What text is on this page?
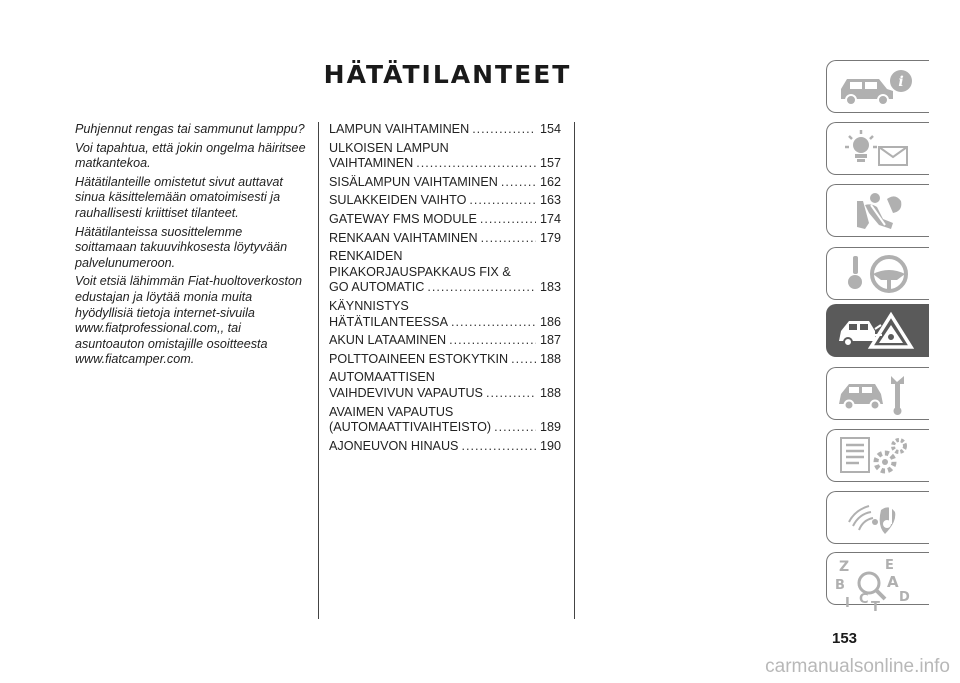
HÄTÄTILANTEET

Puhjennut rengas tai sammunut lamppu?

Voi tapahtua, että jokin ongelma häiritsee matkantekoa.

Hätätilanteille omistetut sivut auttavat sinua käsittelemään omatoimisesti ja rauhallisesti kriittiset tilanteet.

Hätätilanteissa suosittelemme soittamaan takuuvihkosesta löytyvään palvelunumeroon.

Voit etsiä lähimmän Fiat-huoltoverkoston edustajan ja löytää monia muita hyödyllisiä tietoja internet-sivuila www.fiatprofessional.com,, tai asuntoauton omistajille osoitteesta www.fiatcamper.com.

LAMPUN VAIHTAMINEN .....	154
ULKOISEN LAMPUN
VAIHTAMINEN .....	157
SISÄLAMPUN VAIHTAMINEN .....	162
SULAKKEIDEN VAIHTO .....	163
GATEWAY FMS MODULE .....	174
RENKAAN VAIHTAMINEN .....	179
RENKAIDEN
PIKAKORJAUSPAKKAUS FIX &
GO AUTOMATIC .....	183
KÄYNNISTYS
HÄTÄTILANTEESSA .....	186
AKUN LATAAMINEN .....	187
POLTTOAINEEN ESTOKYTKIN .....	188
AUTOMAATTISEN
VAIHDEVIVUN VAPAUTUS .....	188
AVAIMEN VAPAUTUS
(AUTOMAATTIVAIHTEISTO) .....	189
AJONEUVON HINAUS .....	190
i
Z	E
B	A
I C
T
D
153
carmanualsonline.info
